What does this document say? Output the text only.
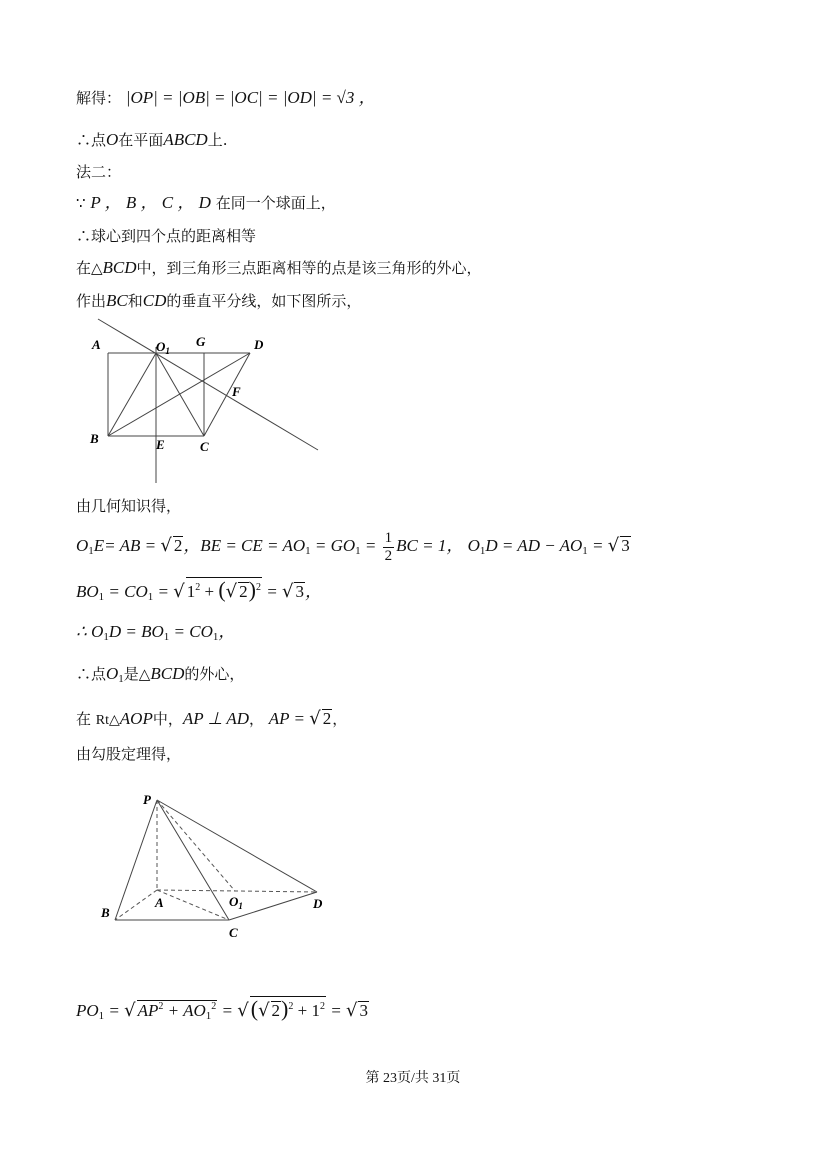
解得： |OP| = |OB| = |OC| = |OD| = √3 ，
∴点O在平面ABCD上.
法二：
∵ P ， B ， C ， D 在同一个球面上，
∴球心到四个点的距离相等
在△BCD中，到三角形三点距离相等的点是该三角形的外心，
作出BC和CD的垂直平分线，如下图所示，
A	$O_1$
G	D
F
B	E	C
由几何知识得，
$O_1E=$ AB = √ 2，BE = CE = $AO_1 = GO_1 = \frac{1}{2}$ BC = 1， $O_1D$ = AD − $AO_1$ = √ 3
$BO_1 = CO_1$ = √ $1^2$ + (√ 2)$^2$ = √ 3，
∴ $O_1D = BO_1 = CO_1$，
∴点$O_1$是△BCD的外心，
在 Rt△AOP中，AP ⊥ AD， AP = √ 2，
由勾股定理得，
P
A	$O_1$	D
B
C
$PO_1$ = √ $AP^2 + AO_1^2$ = √(√ $2)^2 + 1^2$ = √ 3
第 23页/共 31页
